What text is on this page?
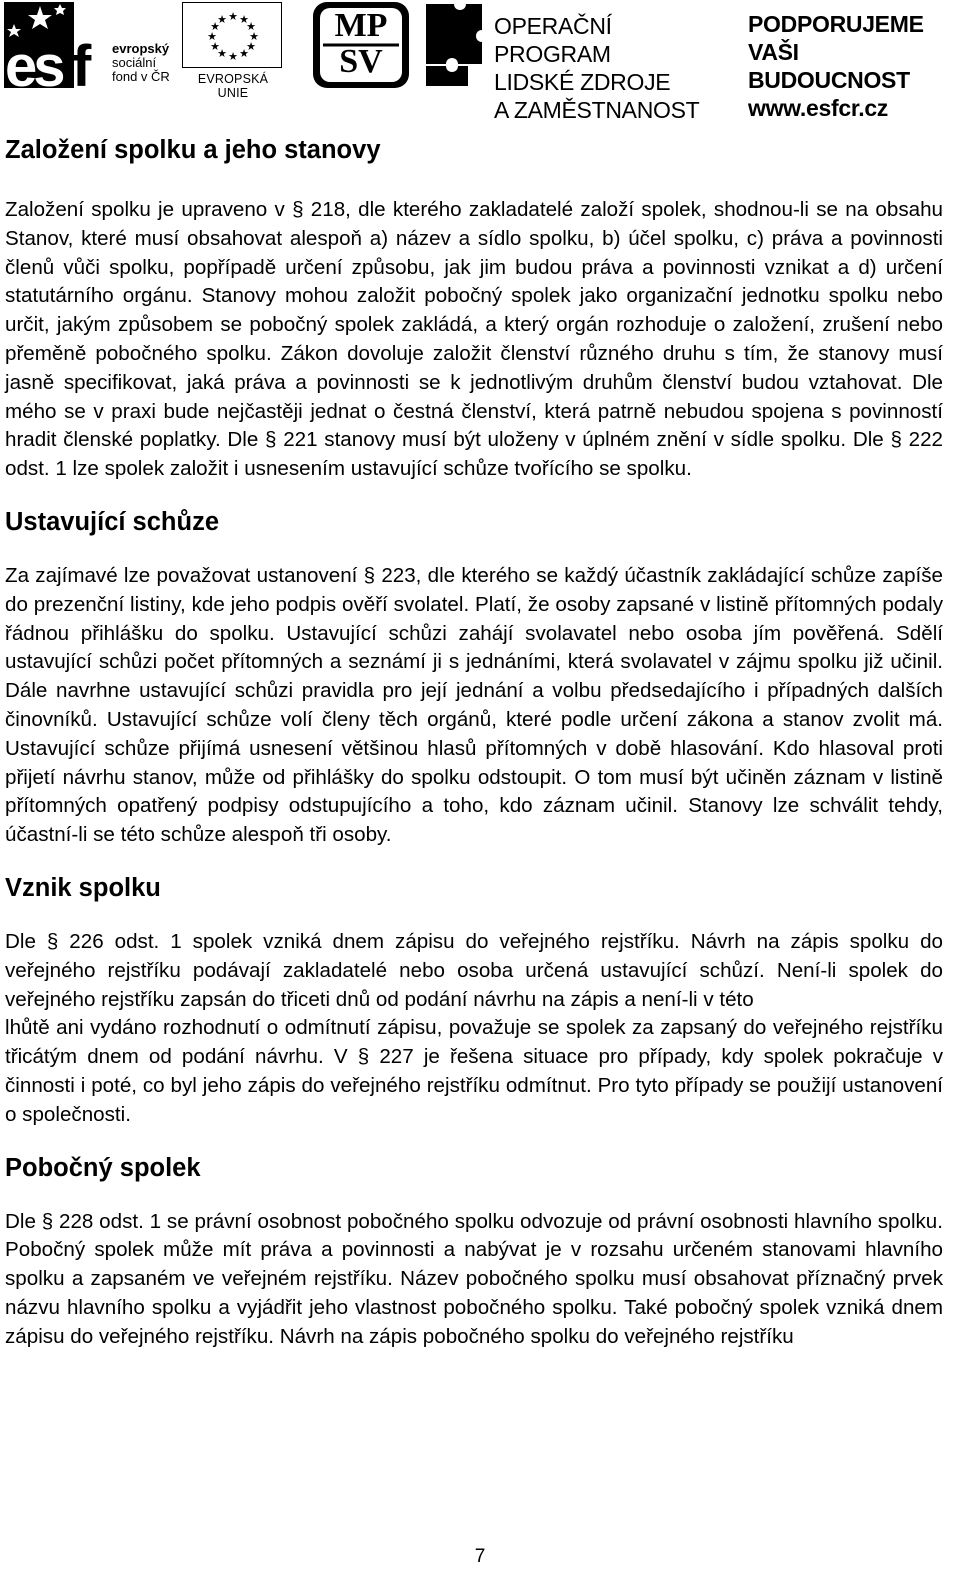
es f	evropský
sociální
fond v ČR
★ ★
★
★
★
★
★
★
★
★
★
★
EVROPSKÁ UNIE
MP
SV
OPERAČNÍ PROGRAM
LIDSKÉ ZDROJE
A ZAMĚSTNANOST
PODPORUJEME
VAŠI BUDOUCNOST
www.esfcr.cz
Založení spolku a jeho stanovy

Založení spolku je upraveno v § 218, dle kterého zakladatelé založí spolek, shodnou-li se na obsahu Stanov, které musí obsahovat alespoň a) název a sídlo spolku, b) účel spolku, c) práva a povinnosti členů vůči spolku, popřípadě určení způsobu, jak jim budou práva a povinnosti vznikat a d) určení statutárního orgánu. Stanovy mohou založit pobočný spolek jako organizační jednotku spolku nebo určit, jakým způsobem se pobočný spolek zakládá, a který orgán rozhoduje o založení, zrušení nebo přeměně pobočného spolku. Zákon dovoluje založit členství různého druhu s tím, že stanovy musí jasně specifikovat, jaká práva a povinnosti se k jednotlivým druhům členství budou vztahovat. Dle mého se v praxi bude nejčastěji jednat o čestná členství, která patrně nebudou spojena s povinností hradit členské poplatky. Dle § 221 stanovy musí být uloženy v úplném znění v sídle spolku. Dle § 222 odst. 1 lze spolek založit i usnesením ustavující schůze tvořícího se spolku.

Ustavující schůze

Za zajímavé lze považovat ustanovení § 223, dle kterého se každý účastník zakládající schůze zapíše do prezenční listiny, kde jeho podpis ověří svolatel. Platí, že osoby zapsané v listině přítomných podaly řádnou přihlášku do spolku. Ustavující schůzi zahájí svolavatel nebo osoba jím pověřená. Sdělí ustavující schůzi počet přítomných a seznámí ji s jednáními, která svolavatel v zájmu spolku již učinil. Dále navrhne ustavující schůzi pravidla pro její jednání a volbu předsedajícího i případných dalších činovníků. Ustavující schůze volí členy těch orgánů, které podle určení zákona a stanov zvolit má. Ustavující schůze přijímá usnesení většinou hlasů přítomných v době hlasování. Kdo hlasoval proti přijetí návrhu stanov, může od přihlášky do spolku odstoupit. O tom musí být učiněn záznam v listině přítomných opatřený podpisy odstupujícího a toho, kdo záznam učinil. Stanovy lze schválit tehdy, účastní-li se této schůze alespoň tři osoby.

Vznik spolku

Dle § 226 odst. 1 spolek vzniká dnem zápisu do veřejného rejstříku. Návrh na zápis spolku do veřejného rejstříku podávají zakladatelé nebo osoba určená ustavující schůzí. Není-li spolek do veřejného rejstříku zapsán do třiceti dnů od podání návrhu na zápis a není-li v této

lhůtě ani vydáno rozhodnutí o odmítnutí zápisu, považuje se spolek za zapsaný do veřejného rejstříku třicátým dnem od podání návrhu. V § 227 je řešena situace pro případy, kdy spolek pokračuje v činnosti i poté, co byl jeho zápis do veřejného rejstříku odmítnut. Pro tyto případy se použijí ustanovení o společnosti.

Pobočný spolek

Dle § 228 odst. 1 se právní osobnost pobočného spolku odvozuje od právní osobnosti hlavního spolku. Pobočný spolek může mít práva a povinnosti a nabývat je v rozsahu určeném stanovami hlavního spolku a zapsaném ve veřejném rejstříku. Název pobočného spolku musí obsahovat příznačný prvek názvu hlavního spolku a vyjádřit jeho vlastnost pobočného spolku. Také pobočný spolek vzniká dnem zápisu do veřejného rejstříku. Návrh na zápis pobočného spolku do veřejného rejstříku

7
